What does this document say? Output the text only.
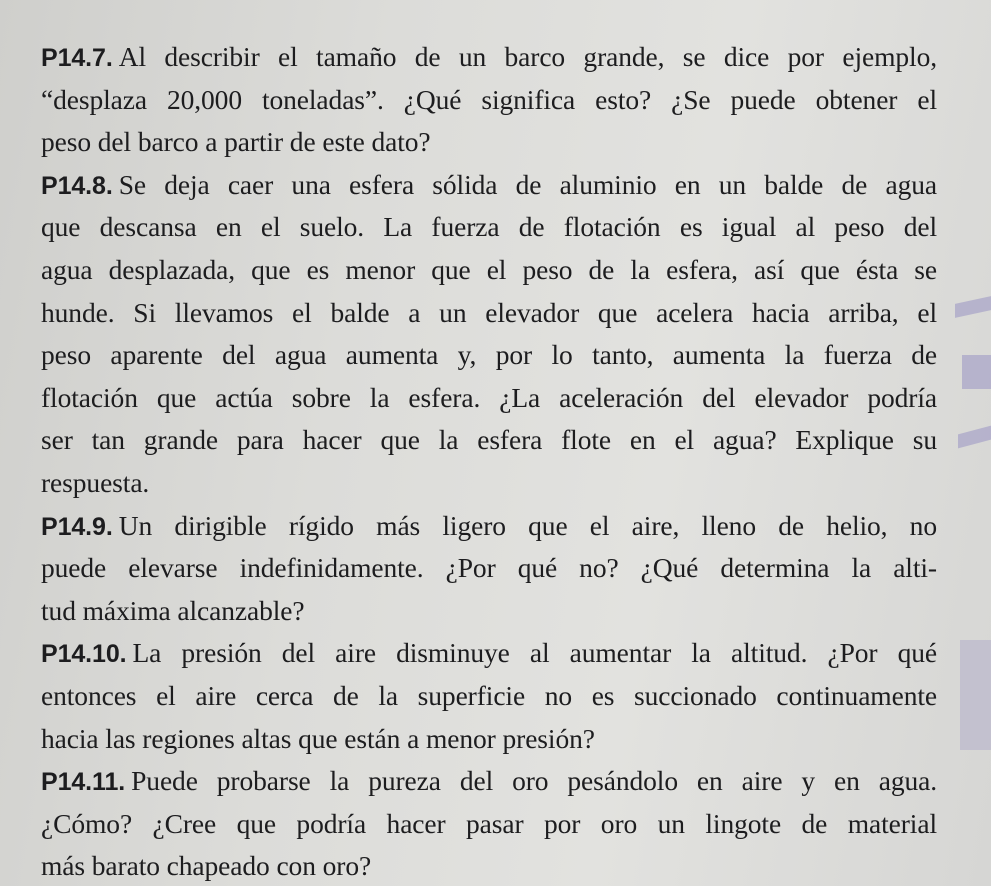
P14.7. Al describir el tamaño de un barco grande, se dice por ejemplo,
“desplaza 20,000 toneladas”. ¿Qué significa esto? ¿Se puede obtener el
peso del barco a partir de este dato?
P14.8. Se deja caer una esfera sólida de aluminio en un balde de agua
que descansa en el suelo. La fuerza de flotación es igual al peso del
agua desplazada, que es menor que el peso de la esfera, así que ésta se
hunde. Si llevamos el balde a un elevador que acelera hacia arriba, el
peso aparente del agua aumenta y, por lo tanto, aumenta la fuerza de
flotación que actúa sobre la esfera. ¿La aceleración del elevador podría
ser tan grande para hacer que la esfera flote en el agua? Explique su
respuesta.
P14.9. Un dirigible rígido más ligero que el aire, lleno de helio, no
puede elevarse indefinidamente. ¿Por qué no? ¿Qué determina la alti-
tud máxima alcanzable?
P14.10. La presión del aire disminuye al aumentar la altitud. ¿Por qué
entonces el aire cerca de la superficie no es succionado continuamente
hacia las regiones altas que están a menor presión?
P14.11. Puede probarse la pureza del oro pesándolo en aire y en agua.
¿Cómo? ¿Cree que podría hacer pasar por oro un lingote de material
más barato chapeado con oro?
